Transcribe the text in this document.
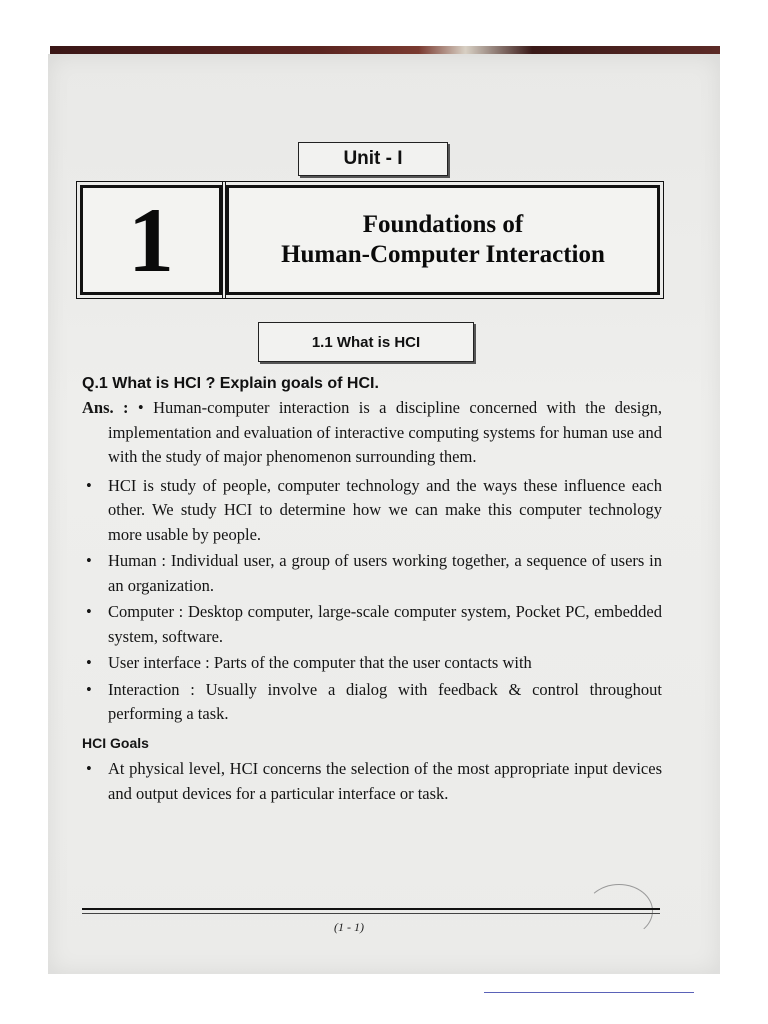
Unit - I
1	Foundations of
Human-Computer Interaction
1.1 What is HCI
Q.1 What is HCI ? Explain goals of HCI.

Ans. : • Human-computer interaction is a discipline concerned with the design, implementation and evaluation of interactive computing systems for human use and with the study of major phenomenon surrounding them.

• HCI is study of people, computer technology and the ways these influence each other. We study HCI to determine how we can make this computer technology more usable by people.
• Human : Individual user, a group of users working together, a sequence of users in an organization.
• Computer : Desktop computer, large-scale computer system, Pocket PC, embedded system, software.
• User interface : Parts of the computer that the user contacts with
• Interaction : Usually involve a dialog with feedback & control throughout performing a task.
HCI Goals
• At physical level, HCI concerns the selection of the most appropriate input devices and output devices for a particular interface or task.
(1 - 1)
